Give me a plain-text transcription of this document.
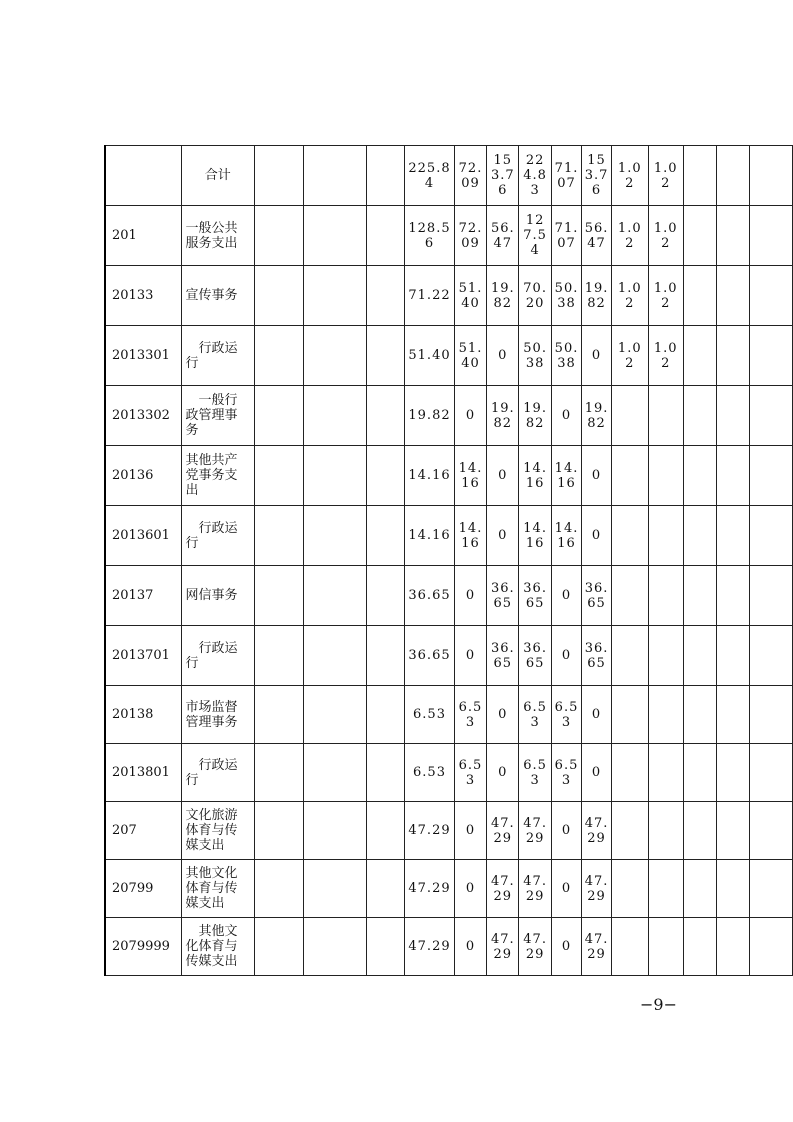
	合计				225.84	72.09	153.76	224.83	71.07	153.76	1.02	1.02			

201	一般公共服务支出				128.56	72.09	56.47	127.54	71.07	56.47	1.02	1.02			

20133	宣传事务				71.22	51.40	19.82	70.20	50.38	19.82	1.02	1.02			

2013301	行政运行				51.40	51.40	0	50.38	50.38	0	1.02	1.02			

2013302	一般行政管理事务				19.82	0	19.82	19.82	0	19.82					

20136	其他共产党事务支出				14.16	14.16	0	14.16	14.16	0					

2013601	行政运行				14.16	14.16	0	14.16	14.16	0					

20137	网信事务				36.65	0	36.65	36.65	0	36.65					

2013701	行政运行				36.65	0	36.65	36.65	0	36.65					

20138	市场监督管理事务				6.53	6.53	0	6.53	6.53	0					

2013801	行政运行				6.53	6.53	0	6.53	6.53	0					

207	文化旅游体育与传媒支出				47.29	0	47.29	47.29	0	47.29					

20799	其他文化体育与传媒支出				47.29	0	47.29	47.29	0	47.29					

2079999	其他文化体育与传媒支出				47.29	0	47.29	47.29	0	47.29					

−9−
